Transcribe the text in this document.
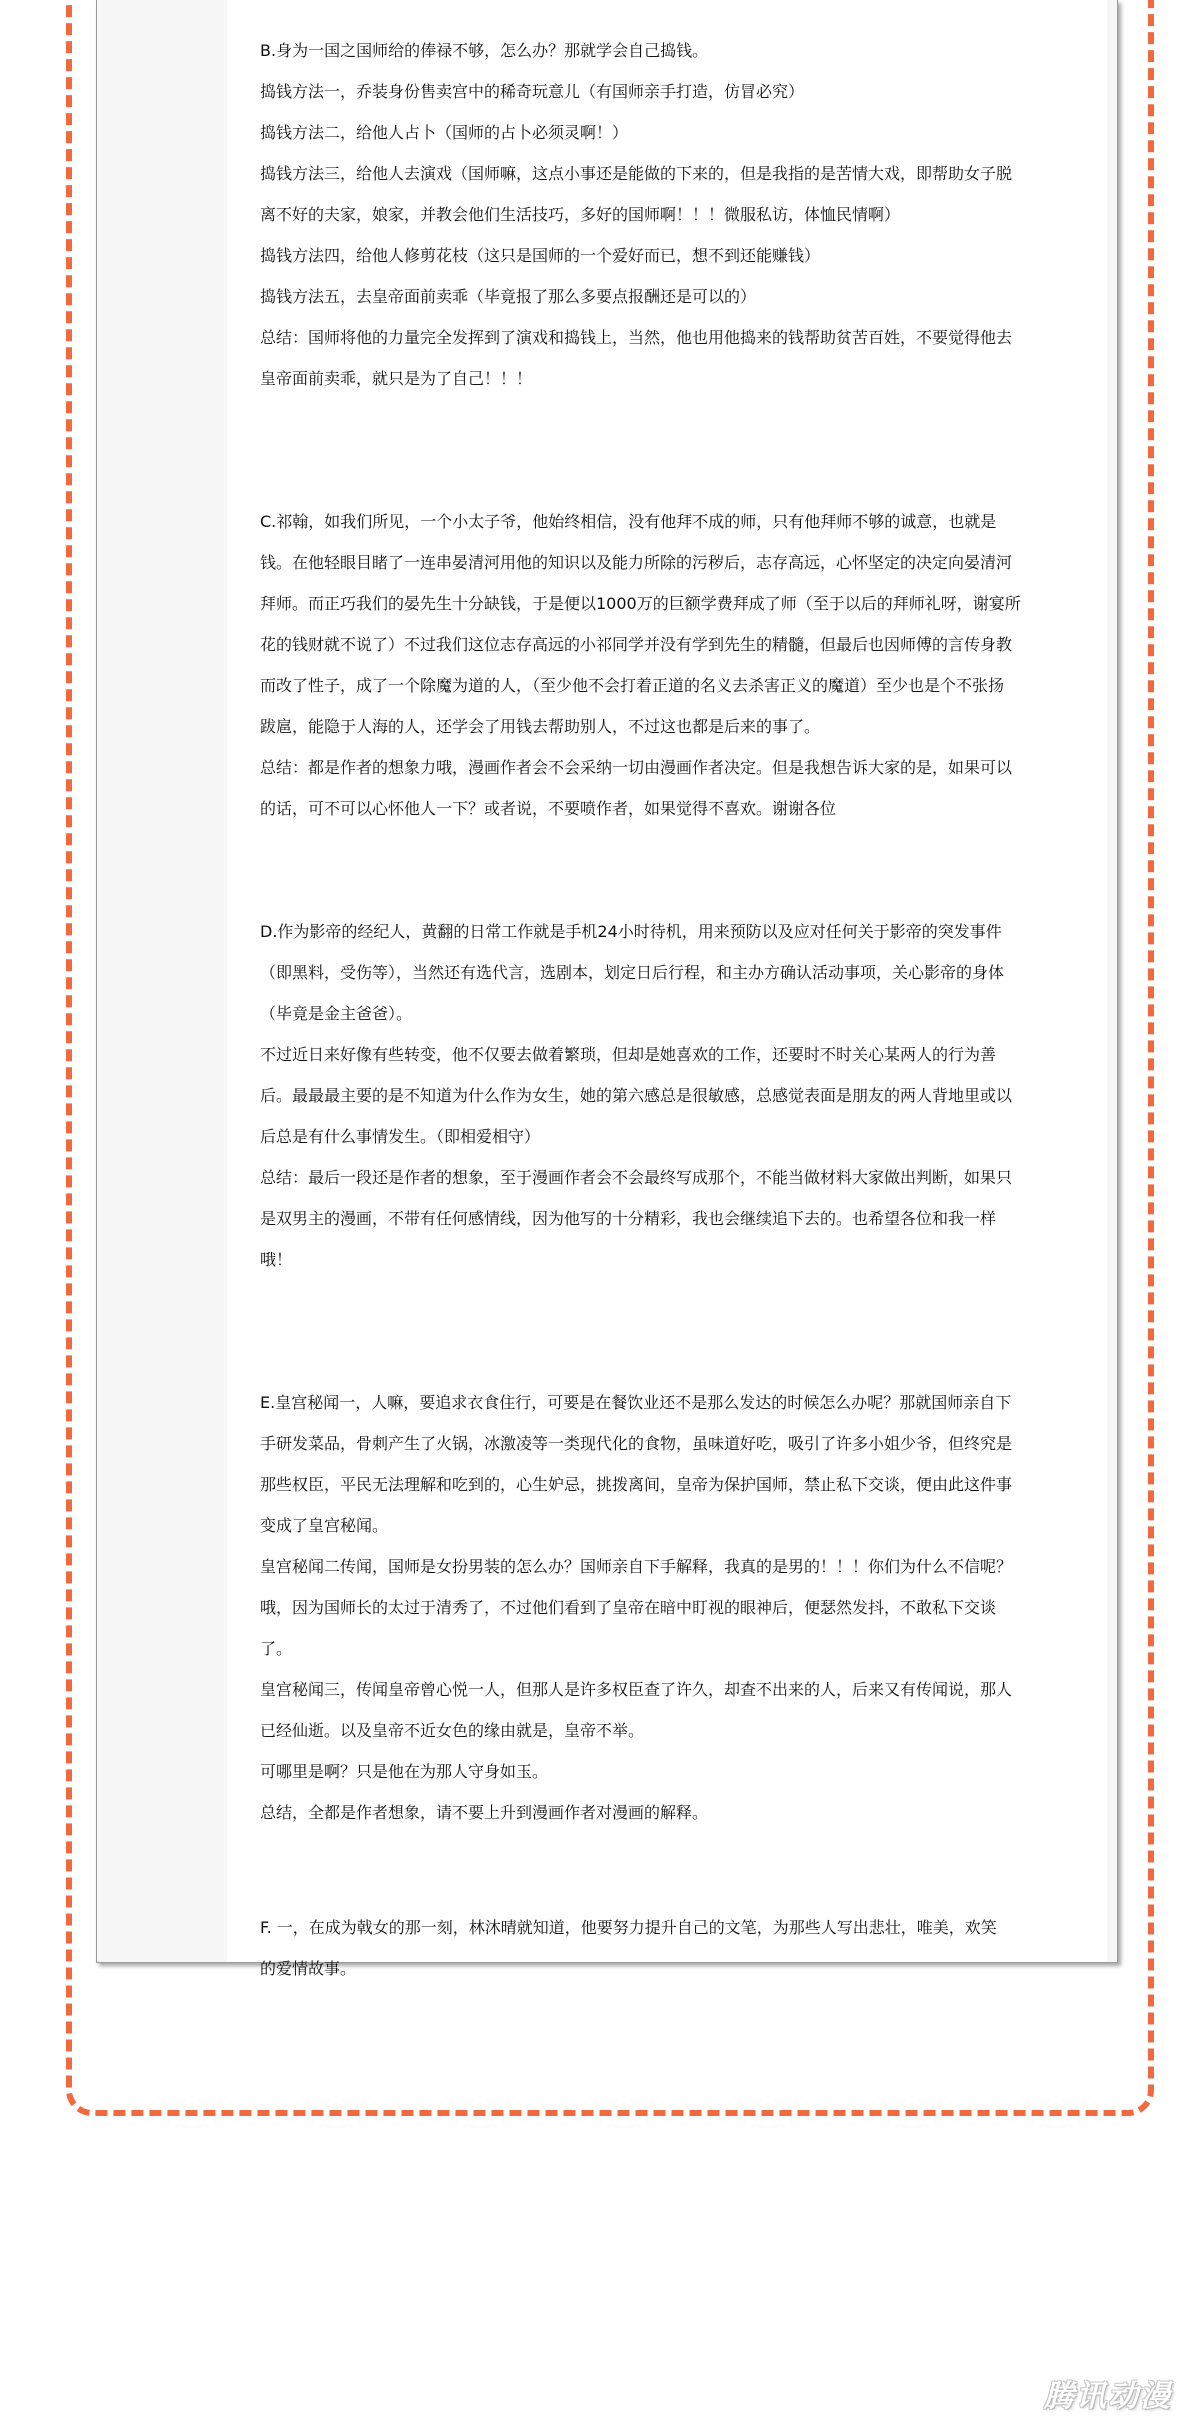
B.身为一国之国师给的俸禄不够，怎么办？那就学会自己捣钱。

捣钱方法一，乔装身份售卖宫中的稀奇玩意儿（有国师亲手打造，仿冒必究）

捣钱方法二，给他人占卜（国师的占卜必须灵啊！）

捣钱方法三，给他人去演戏（国师嘛，这点小事还是能做的下来的，但是我指的是苦情大戏，即帮助女子脱

离不好的夫家，娘家，并教会他们生活技巧，多好的国师啊！！！微服私访，体恤民情啊）

捣钱方法四，给他人修剪花枝（这只是国师的一个爱好而已，想不到还能赚钱）

捣钱方法五，去皇帝面前卖乖（毕竟报了那么多要点报酬还是可以的）

总结：国师将他的力量完全发挥到了演戏和捣钱上，当然，他也用他捣来的钱帮助贫苦百姓，不要觉得他去

皇帝面前卖乖，就只是为了自己！！！

C.祁翰，如我们所见，一个小太子爷，他始终相信，没有他拜不成的师，只有他拜师不够的诚意，也就是

钱。在他轻眼目睹了一连串晏清河用他的知识以及能力所除的污秽后，志存高远，心怀坚定的决定向晏清河

拜师。而正巧我们的晏先生十分缺钱，于是便以1000万的巨额学费拜成了师（至于以后的拜师礼呀，谢宴所

花的钱财就不说了）不过我们这位志存高远的小祁同学并没有学到先生的精髓，但最后也因师傅的言传身教

而改了性子，成了一个除魔为道的人，（至少他不会打着正道的名义去杀害正义的魔道）至少也是个不张扬

跋扈，能隐于人海的人，还学会了用钱去帮助别人，不过这也都是后来的事了。

总结：都是作者的想象力哦，漫画作者会不会采纳一切由漫画作者决定。但是我想告诉大家的是，如果可以

的话，可不可以心怀他人一下？或者说，不要喷作者，如果觉得不喜欢。谢谢各位

D.作为影帝的经纪人，黄翻的日常工作就是手机24小时待机，用来预防以及应对任何关于影帝的突发事件

（即黑料，受伤等），当然还有选代言，选剧本，划定日后行程，和主办方确认活动事项，关心影帝的身体

（毕竟是金主爸爸）。

不过近日来好像有些转变，他不仅要去做着繁琐，但却是她喜欢的工作，还要时不时关心某两人的行为善

后。最最最主要的是不知道为什么作为女生，她的第六感总是很敏感，总感觉表面是朋友的两人背地里或以

后总是有什么事情发生。（即相爱相守）

总结：最后一段还是作者的想象，至于漫画作者会不会最终写成那个，不能当做材料大家做出判断，如果只

是双男主的漫画，不带有任何感情线，因为他写的十分精彩，我也会继续追下去的。也希望各位和我一样

哦！

E.皇宫秘闻一，人嘛，要追求衣食住行，可要是在餐饮业还不是那么发达的时候怎么办呢？那就国师亲自下

手研发菜品，骨刺产生了火锅，冰激凌等一类现代化的食物，虽味道好吃，吸引了许多小姐少爷，但终究是

那些权臣，平民无法理解和吃到的，心生妒忌，挑拨离间，皇帝为保护国师，禁止私下交谈，便由此这件事

变成了皇宫秘闻。

皇宫秘闻二传闻，国师是女扮男装的怎么办？国师亲自下手解释，我真的是男的！！！你们为什么不信呢？

哦，因为国师长的太过于清秀了，不过他们看到了皇帝在暗中盯视的眼神后，便瑟然发抖，不敢私下交谈

了。

皇宫秘闻三，传闻皇帝曾心悦一人，但那人是许多权臣查了许久，却查不出来的人，后来又有传闻说，那人

已经仙逝。以及皇帝不近女色的缘由就是，皇帝不举。

可哪里是啊？只是他在为那人守身如玉。

总结，全都是作者想象，请不要上升到漫画作者对漫画的解释。

F. 一，在成为戟女的那一刻，林沐晴就知道，他要努力提升自己的文笔，为那些人写出悲壮，唯美，欢笑

的爱情故事。

腾讯动漫
